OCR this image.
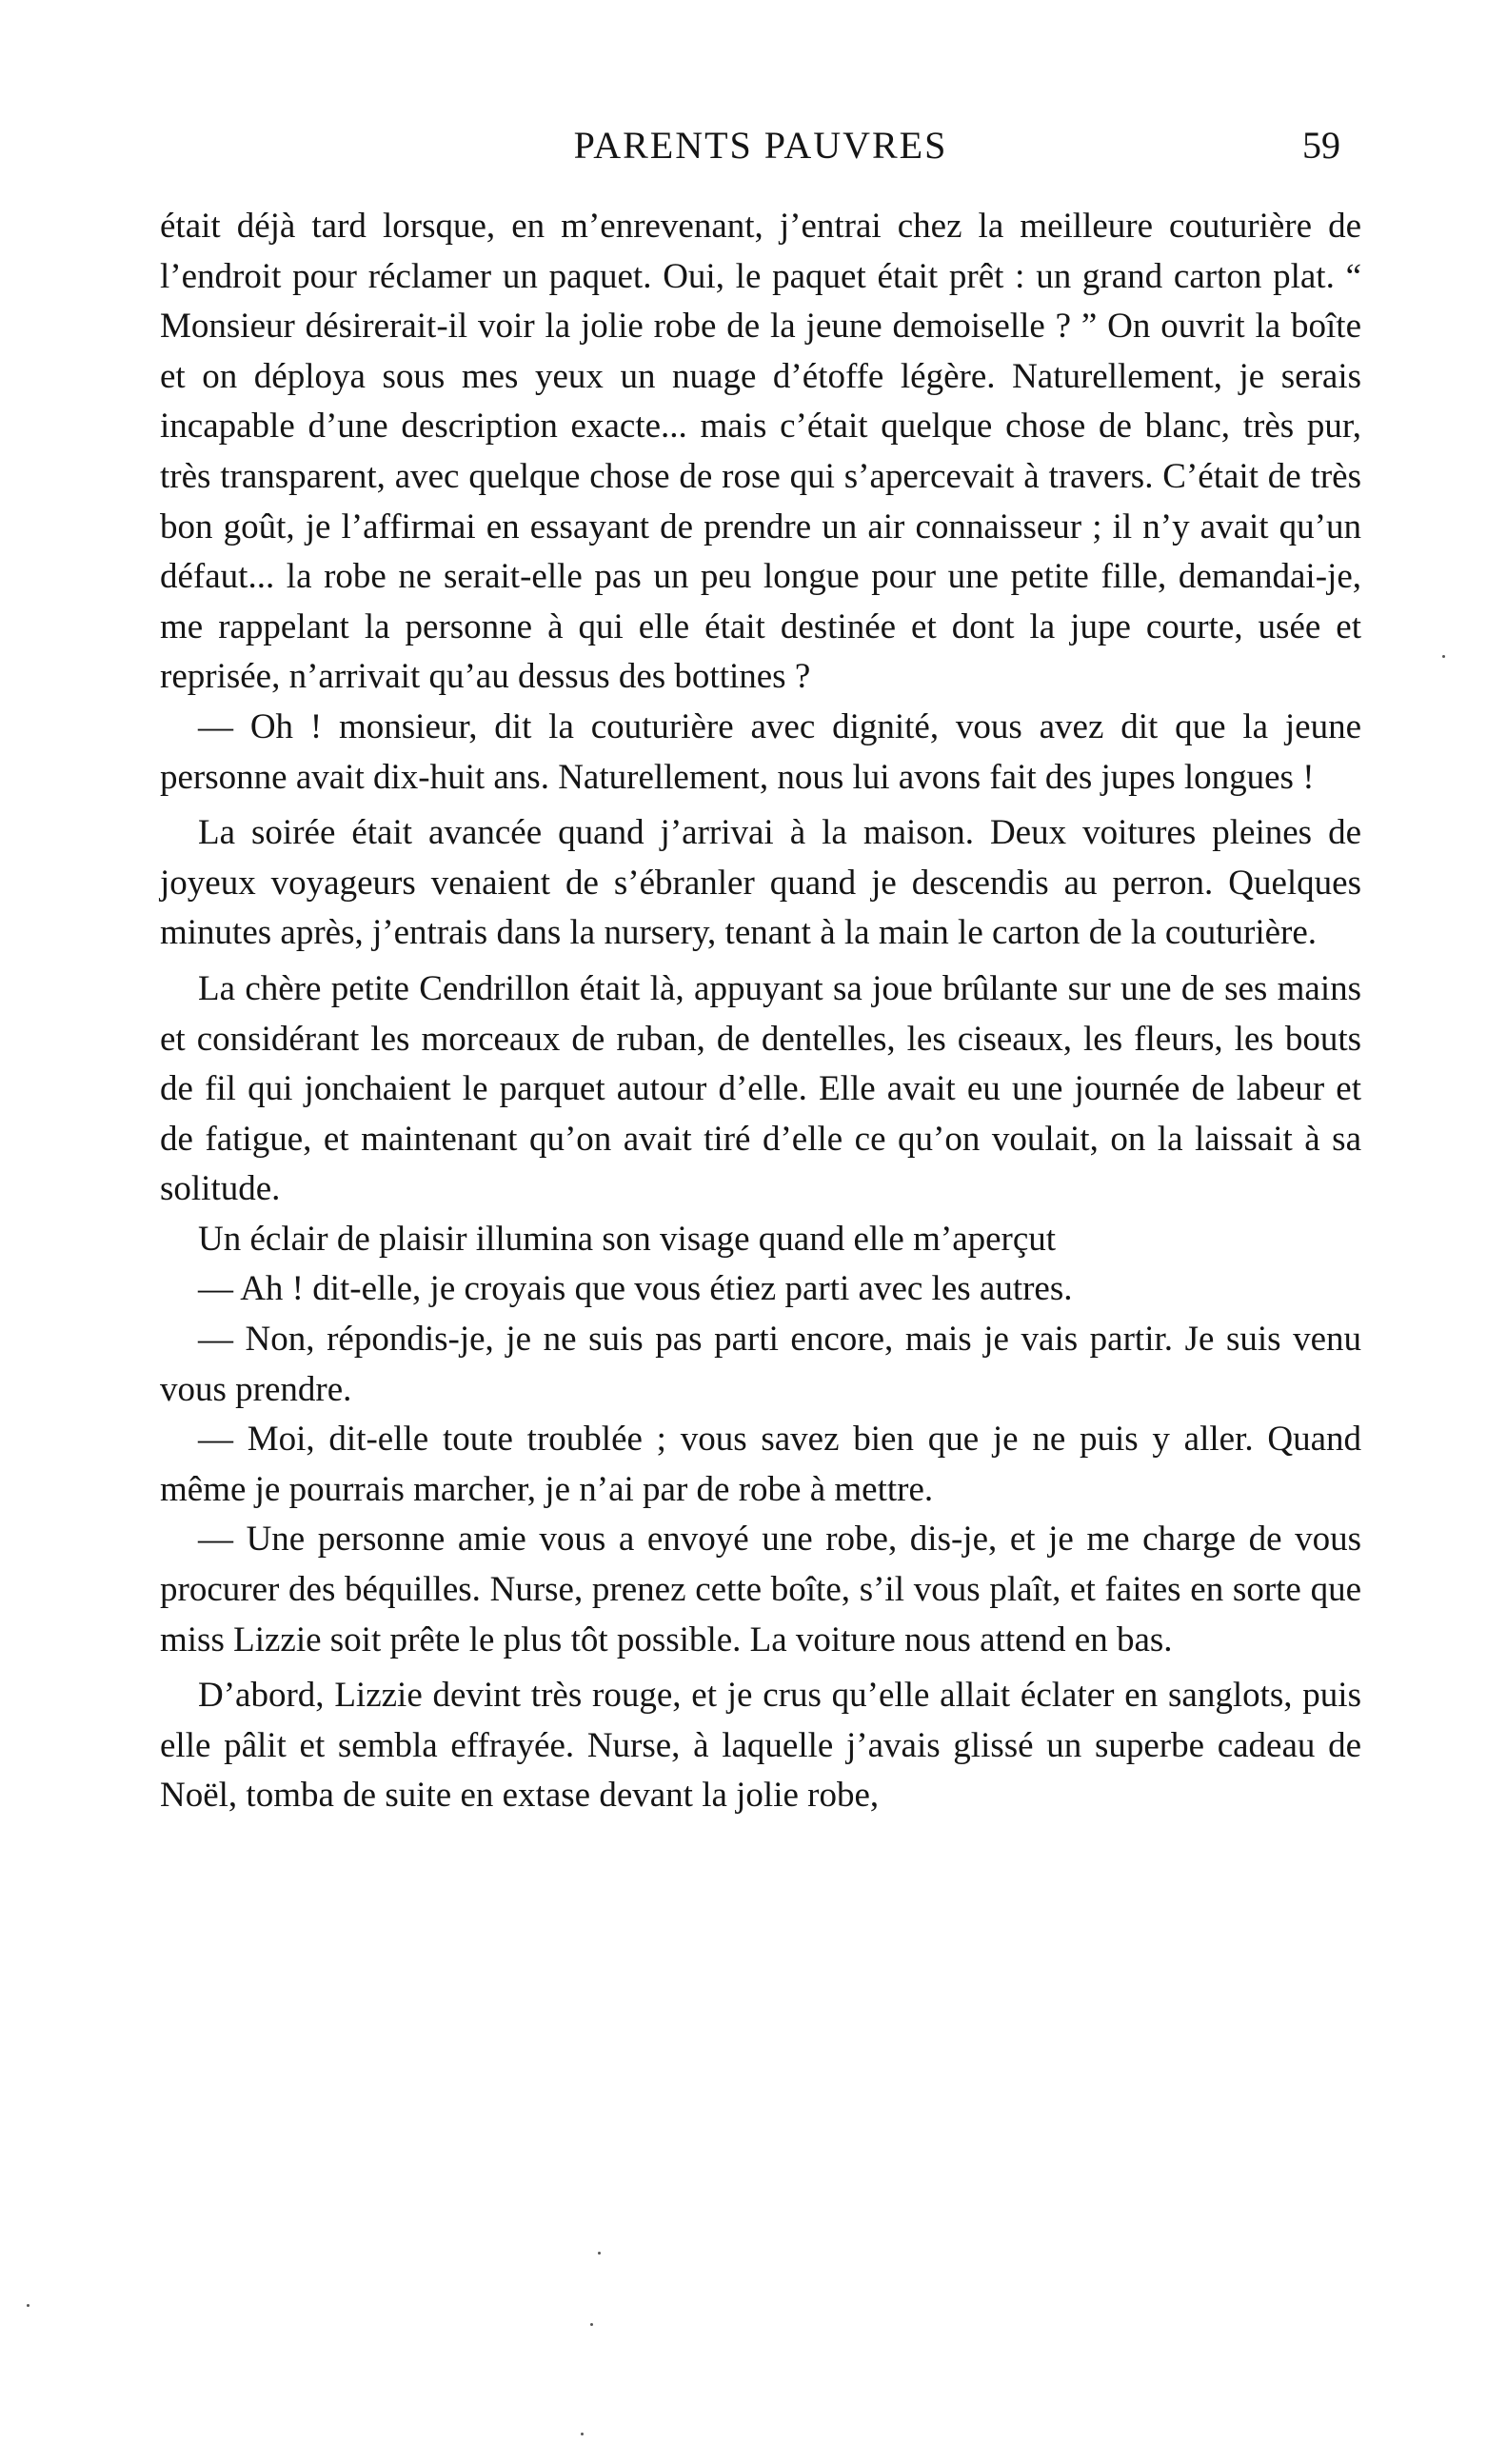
PARENTS PAUVRES	59

était déjà tard lorsque, en m’enrevenant, j’entrai chez la meilleure couturière de l’endroit pour réclamer un paquet. Oui, le paquet était prêt : un grand carton plat. “ Monsieur désirerait-il voir la jolie robe de la jeune demoiselle ? ” On ouvrit la boîte et on déploya sous mes yeux un nuage d’étoffe légère. Naturellement, je serais incapable d’une description exacte... mais c’était quelque chose de blanc, très pur, très transparent, avec quelque chose de rose qui s’apercevait à travers. C’était de très bon goût, je l’affirmai en essayant de prendre un air connaisseur ; il n’y avait qu’un défaut... la robe ne serait-elle pas un peu longue pour une petite fille, demandai-je, me rappelant la personne à qui elle était destinée et dont la jupe courte, usée et reprisée, n’arrivait qu’au dessus des bottines ?

— Oh ! monsieur, dit la couturière avec dignité, vous avez dit que la jeune personne avait dix-huit ans. Naturellement, nous lui avons fait des jupes longues !

La soirée était avancée quand j’arrivai à la maison. Deux voitures pleines de joyeux voyageurs venaient de s’ébranler quand je descendis au perron. Quelques minutes après, j’entrais dans la nursery, tenant à la main le carton de la couturière.

La chère petite Cendrillon était là, appuyant sa joue brûlante sur une de ses mains et considérant les morceaux de ruban, de dentelles, les ciseaux, les fleurs, les bouts de fil qui jonchaient le parquet autour d’elle. Elle avait eu une journée de labeur et de fatigue, et maintenant qu’on avait tiré d’elle ce qu’on voulait, on la laissait à sa solitude.

Un éclair de plaisir illumina son visage quand elle m’aperçut

— Ah ! dit-elle, je croyais que vous étiez parti avec les autres.

— Non, répondis-je, je ne suis pas parti encore, mais je vais partir. Je suis venu vous prendre.

— Moi, dit-elle toute troublée ; vous savez bien que je ne puis y aller. Quand même je pourrais marcher, je n’ai par de robe à mettre.

— Une personne amie vous a envoyé une robe, dis-je, et je me charge de vous procurer des béquilles. Nurse, prenez cette boîte, s’il vous plaît, et faites en sorte que miss Lizzie soit prête le plus tôt possible. La voiture nous attend en bas.

D’abord, Lizzie devint très rouge, et je crus qu’elle allait éclater en sanglots, puis elle pâlit et sembla effrayée. Nurse, à laquelle j’avais glissé un superbe cadeau de Noël, tomba de suite en extase devant la jolie robe,
